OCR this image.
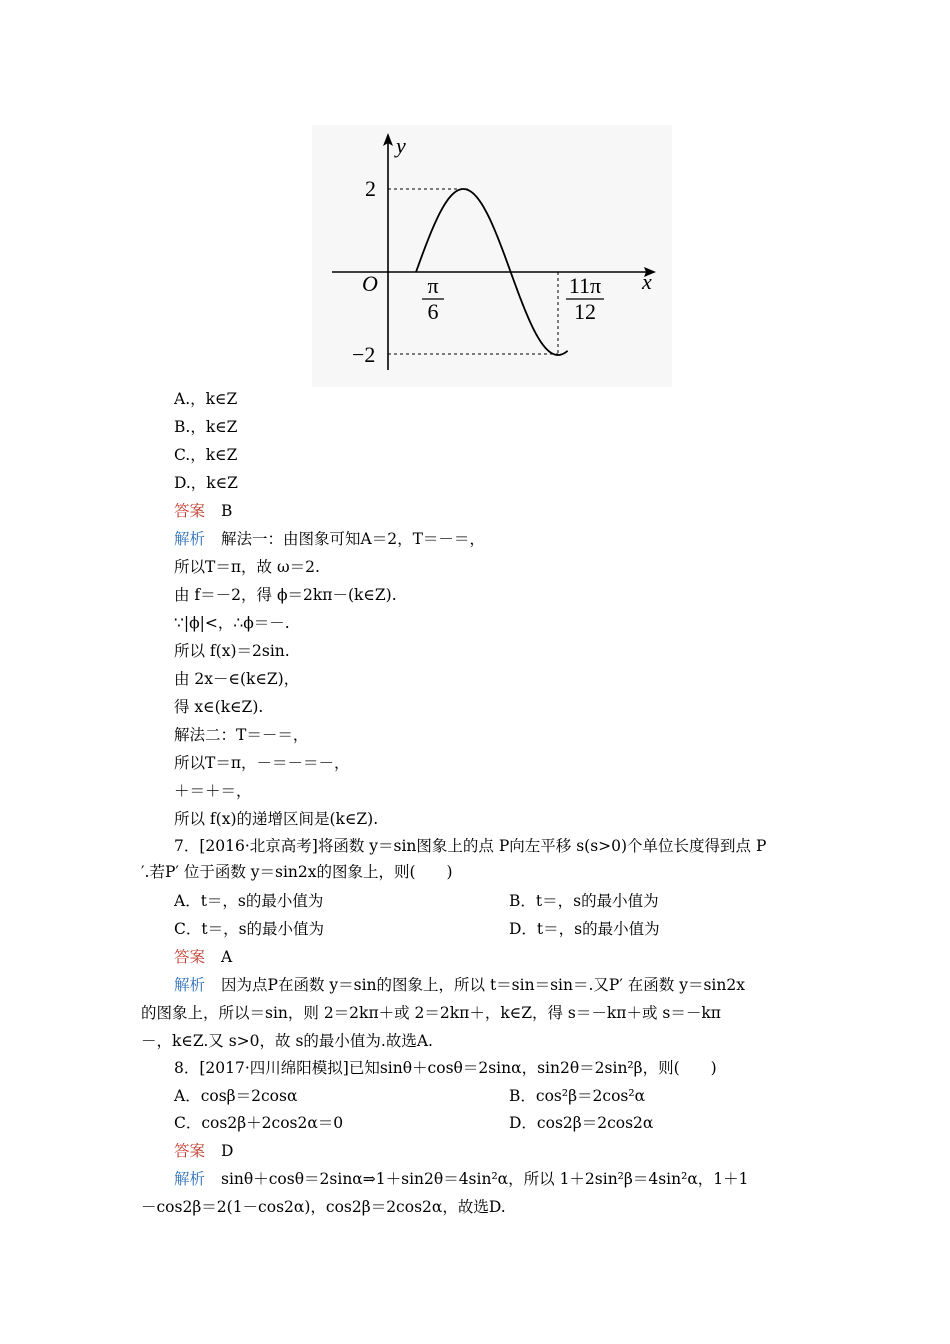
y
x
O
2
−2
π
6
11π
12
A.，k∈Z
B.，k∈Z
C.，k∈Z
D.，k∈Z
答案 B
解析 解法一：由图象可知A＝2，T＝－＝，
所以T＝π，故 ω＝2.
由 f＝－2，得 ϕ＝2kπ－(k∈Z).
∵|ϕ|<，∴ϕ＝－.
所以 f(x)＝2sin.
由 2x－∈(k∈Z)，
得 x∈(k∈Z).
解法二：T＝－＝，
所以T＝π，－＝－＝－，
＋＝＋＝，
所以 f(x)的递增区间是(k∈Z).
7．[2016·北京高考]将函数 y＝sin图象上的点 P向左平移 s(s>0)个单位长度得到点 P
′.若P′ 位于函数 y＝sin2x的图象上，则(　　)
A．t＝，s的最小值为	B．t＝，s的最小值为
C．t＝，s的最小值为	D．t＝，s的最小值为
答案 A
解析 因为点P在函数 y＝sin的图象上，所以 t＝sin＝sin＝.又P′ 在函数 y＝sin2x
的图象上，所以＝sin，则 2＝2kπ＋或 2＝2kπ＋，k∈Z，得 s＝－kπ＋或 s＝－kπ
－，k∈Z.又 s>0，故 s的最小值为.故选A.
8．[2017·四川绵阳模拟]已知sinθ＋cosθ＝2sinα，sin2θ＝2sin²β，则(　　)
A．cosβ＝2cosα	B．cos²β＝2cos²α
C．cos2β＋2cos2α＝0	D．cos2β＝2cos2α
答案 D
解析 sinθ＋cosθ＝2sinα⇒1＋sin2θ＝4sin²α，所以 1＋2sin²β＝4sin²α，1＋1
－cos2β＝2(1－cos2α)，cos2β＝2cos2α，故选D.
